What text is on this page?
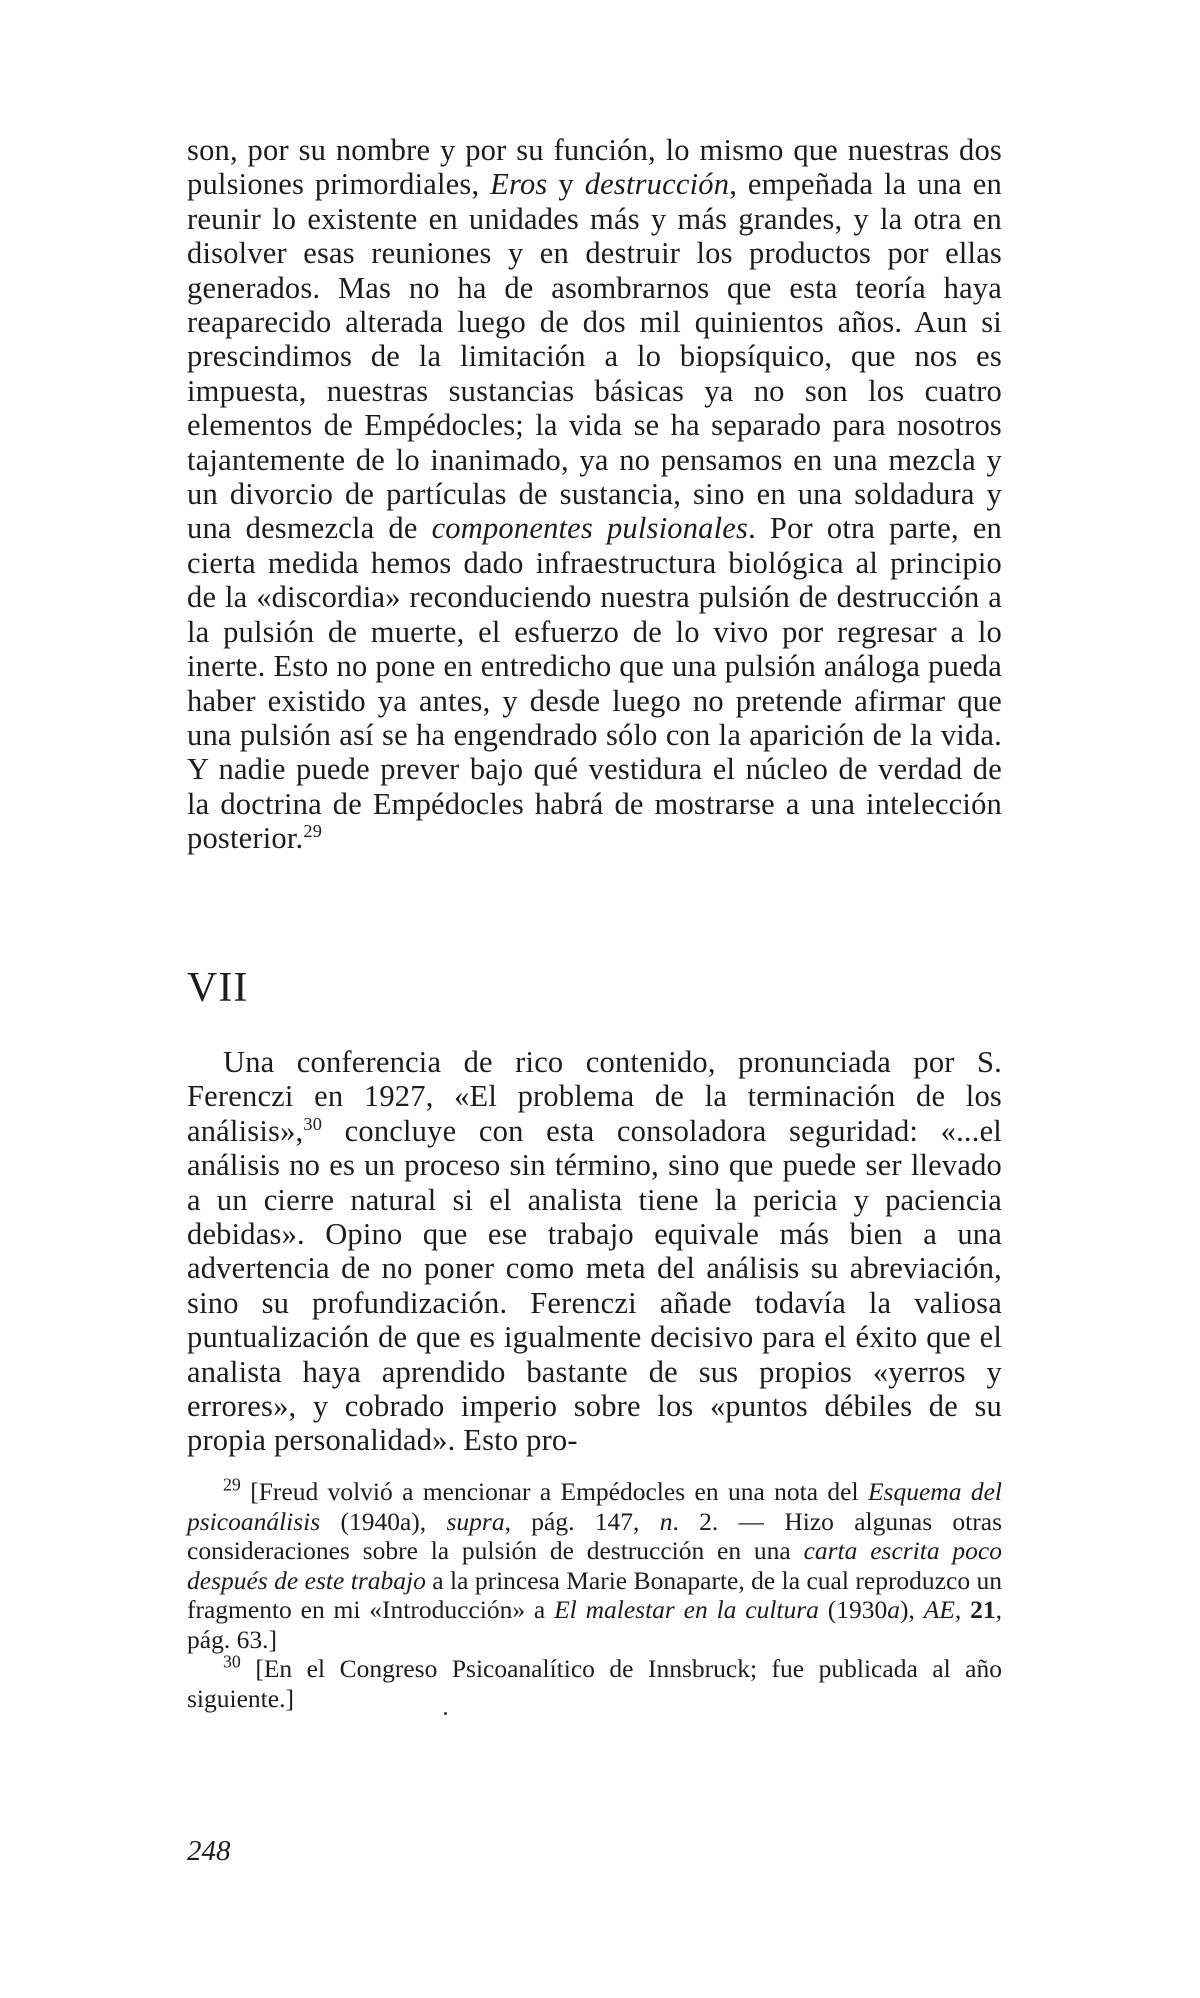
son, por su nombre y por su función, lo mismo que nuestras dos pulsiones primordiales, Eros y destrucción, empeñada la una en reunir lo existente en unidades más y más grandes, y la otra en disolver esas reuniones y en destruir los productos por ellas generados. Mas no ha de asombrarnos que esta teoría haya reaparecido alterada luego de dos mil quinientos años. Aun si prescindimos de la limitación a lo biopsíquico, que nos es impuesta, nuestras sustancias básicas ya no son los cuatro elementos de Empédocles; la vida se ha separado para nosotros tajantemente de lo inanimado, ya no pensamos en una mezcla y un divorcio de partículas de sustancia, sino en una soldadura y una desmezcla de componentes pulsionales. Por otra parte, en cierta medida hemos dado infraestructura biológica al principio de la «discordia» reconduciendo nuestra pulsión de destrucción a la pulsión de muerte, el esfuerzo de lo vivo por regresar a lo inerte. Esto no pone en entredicho que una pulsión análoga pueda haber existido ya antes, y desde luego no pretende afirmar que una pulsión así se ha engendrado sólo con la aparición de la vida. Y nadie puede prever bajo qué vestidura el núcleo de verdad de la doctrina de Empédocles habrá de mostrarse a una intelección posterior.$^{29}$

VII

Una conferencia de rico contenido, pronunciada por S. Ferenczi en 1927, «El problema de la terminación de los análisis»,$^{30}$ concluye con esta consoladora seguridad: «...el análisis no es un proceso sin término, sino que puede ser llevado a un cierre natural si el analista tiene la pericia y paciencia debidas». Opino que ese trabajo equivale más bien a una advertencia de no poner como meta del análisis su abreviación, sino su profundización. Ferenczi añade todavía la valiosa puntualización de que es igualmente decisivo para el éxito que el analista haya aprendido bastante de sus propios «yerros y errores», y cobrado imperio sobre los «puntos débiles de su propia personalidad». Esto pro-

$^{29}$ [Freud volvió a mencionar a Empédocles en una nota del Esquema del psicoanálisis (1940a), supra, pág. 147, n. 2. — Hizo algunas otras consideraciones sobre la pulsión de destrucción en una carta escrita poco después de este trabajo a la princesa Marie Bonaparte, de la cual reproduzco un fragmento en mi «Introducción» a El malestar en la cultura (1930a), AE, 21, pág. 63.]

$^{30}$ [En el Congreso Psicoanalítico de Innsbruck; fue publicada al año siguiente.]

248
